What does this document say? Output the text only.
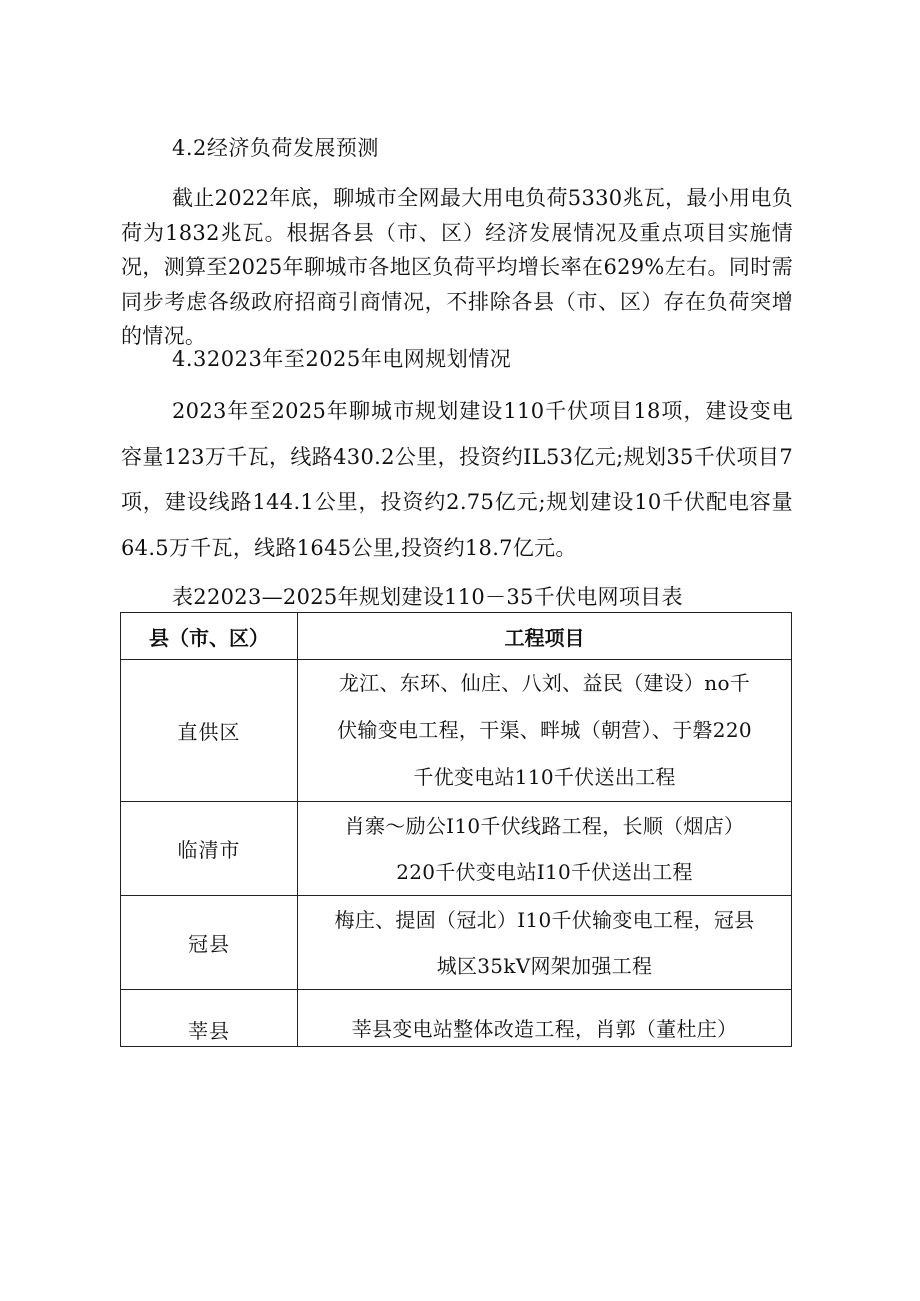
4.2经济负荷发展预测
截止2022年底，聊城市全网最大用电负荷5330兆瓦，最小用电负荷为1832兆瓦。根据各县（市、区）经济发展情况及重点项目实施情况，测算至2025年聊城市各地区负荷平均增长率在629%左右。同时需同步考虑各级政府招商引商情况，不排除各县（市、区）存在负荷突增的情况。
4.32023年至2025年电网规划情况
2023年至2025年聊城市规划建设110千伏项目18项，建设变电容量123万千瓦，线路430.2公里，投资约IL53亿元;规划35千伏项目7项，建设线路144.1公里，投资约2.75亿元;规划建设10千伏配电容量64.5万千瓦，线路1645公里,投资约18.7亿元。
表22023—2025年规划建设110－35千伏电网项目表
县（市、区）	工程项目
直供区	龙江、东环、仙庄、八刘、益民（建设）no千
伏输变电工程，干渠、畔城（朝营）、于磐220
千优变电站110千伏送出工程

临清市	肖寨～励公I10千伏线路工程，长顺（烟店）
220千伏变电站I10千伏送出工程

冠县	梅庄、提固（冠北）I10千伏输变电工程，冠县
城区35kV网架加强工程

莘县	莘县变电站整体改造工程，肖郭（董杜庄）
